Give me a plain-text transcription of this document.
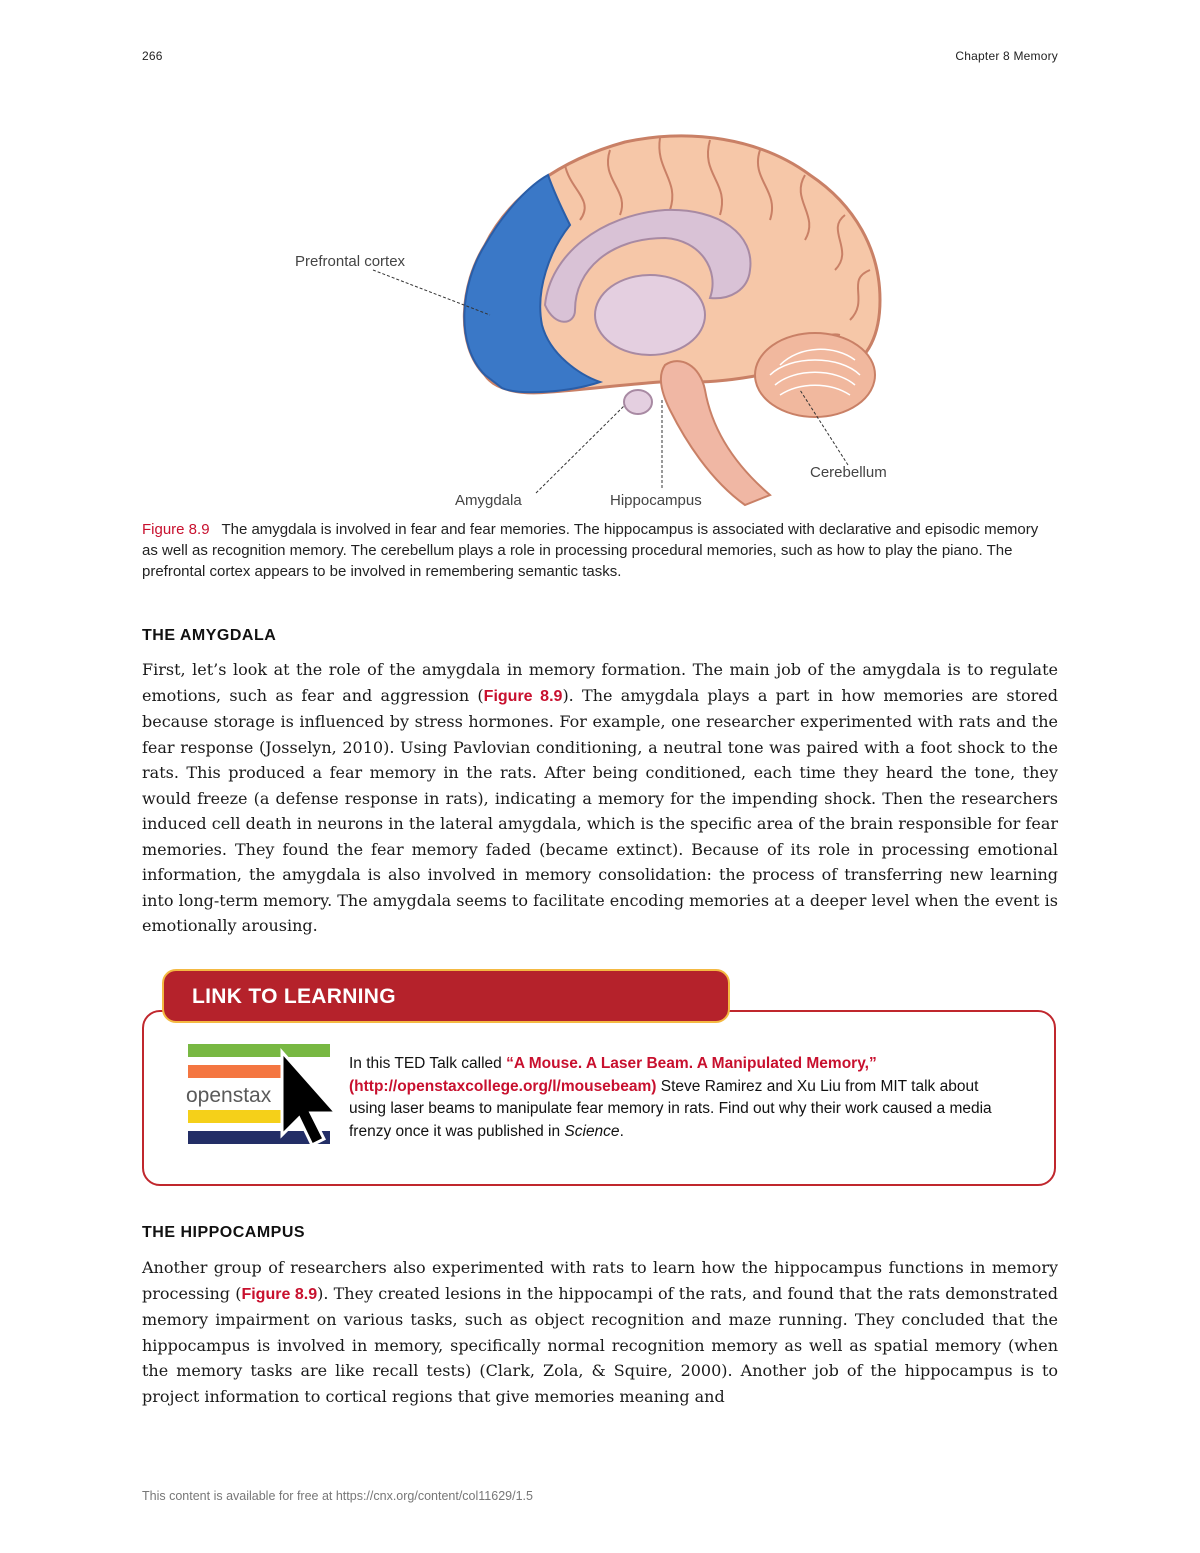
266	Chapter 8 Memory
Prefrontal cortex
Amygdala	Hippocampus
Cerebellum
Figure 8.9 The amygdala is involved in fear and fear memories. The hippocampus is associated with declarative and episodic memory as well as recognition memory. The cerebellum plays a role in processing procedural memories, such as how to play the piano. The prefrontal cortex appears to be involved in remembering semantic tasks.
THE AMYGDALA
First, let’s look at the role of the amygdala in memory formation. The main job of the amygdala is to regulate emotions, such as fear and aggression (Figure 8.9). The amygdala plays a part in how memories are stored because storage is influenced by stress hormones. For example, one researcher experimented with rats and the fear response (Josselyn, 2010). Using Pavlovian conditioning, a neutral tone was paired with a foot shock to the rats. This produced a fear memory in the rats. After being conditioned, each time they heard the tone, they would freeze (a defense response in rats), indicating a memory for the impending shock. Then the researchers induced cell death in neurons in the lateral amygdala, which is the specific area of the brain responsible for fear memories. They found the fear memory faded (became extinct). Because of its role in processing emotional information, the amygdala is also involved in memory consolidation: the process of transferring new learning into long-term memory. The amygdala seems to facilitate encoding memories at a deeper level when the event is emotionally arousing.
LINK TO LEARNING
openstax
In this TED Talk called “A Mouse. A Laser Beam. A Manipulated Memory,”
(http://openstaxcollege.org/l/mousebeam) Steve Ramirez and Xu Liu from MIT talk about using laser beams to manipulate fear memory in rats. Find out why their work caused a media frenzy once it was published in Science.
THE HIPPOCAMPUS
Another group of researchers also experimented with rats to learn how the hippocampus functions in memory processing (Figure 8.9). They created lesions in the hippocampi of the rats, and found that the rats demonstrated memory impairment on various tasks, such as object recognition and maze running. They concluded that the hippocampus is involved in memory, specifically normal recognition memory as well as spatial memory (when the memory tasks are like recall tests) (Clark, Zola, & Squire, 2000). Another job of the hippocampus is to project information to cortical regions that give memories meaning and
This content is available for free at https://cnx.org/content/col11629/1.5
